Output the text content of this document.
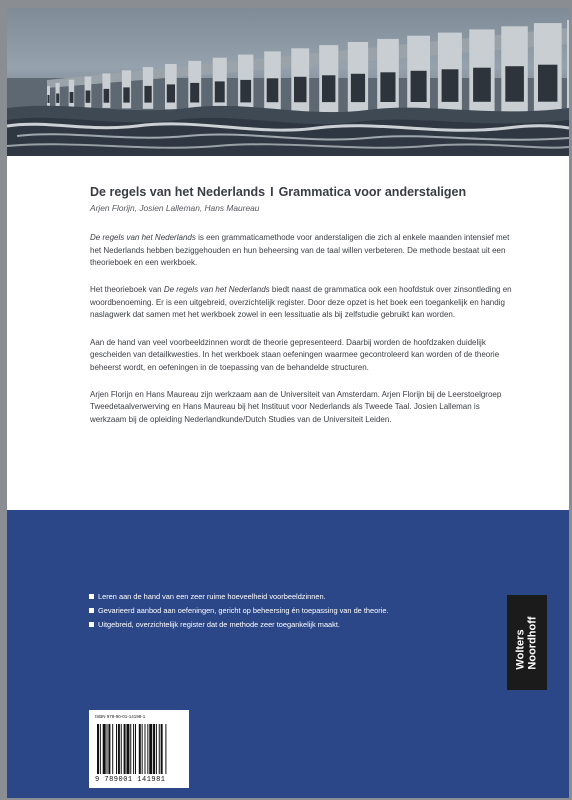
De regels van het Nederlands I Grammatica voor anderstaligen
Arjen Florijn, Josien Lalleman, Hans Maureau

De regels van het Nederlands is een grammaticamethode voor anderstaligen die zich al enkele maanden intensief met het Nederlands hebben beziggehouden en hun beheersing van de taal willen verbeteren. De methode bestaat uit een theorieboek en een werkboek.

Het theorieboek van De regels van het Nederlands biedt naast de grammatica ook een hoofdstuk over zinsontleding en woordbenoeming. Er is een uitgebreid, overzichtelijk register. Door deze opzet is het boek een toegankelijk en handig naslagwerk dat samen met het werkboek zowel in een lessituatie als bij zelfstudie gebruikt kan worden.

Aan de hand van veel voorbeeldzinnen wordt de theorie gepresenteerd. Daarbij worden de hoofdzaken duidelijk gescheiden van detailkwesties. In het werkboek staan oefeningen waarmee gecontroleerd kan worden of de theorie beheerst wordt, en oefeningen in de toepassing van de behandelde structuren.

Arjen Florijn en Hans Maureau zijn werkzaam aan de Universiteit van Amsterdam. Arjen Florijn bij de Leerstoelgroep Tweedetaalverwerving en Hans Maureau bij het Instituut voor Nederlands als Tweede Taal. Josien Lalleman is werkzaam bij de opleiding Nederlandkunde/Dutch Studies van de Universiteit Leiden.

Leren aan de hand van een zeer ruime hoeveelheid voorbeeldzinnen.
Gevarieerd aanbod aan oefeningen, gericht op beheersing én toepassing van de theorie.
Uitgebreid, overzichtelijk register dat de methode zeer toegankelijk maakt.
ISBN 978-90-01-14198-1
9 789001 141981
Wolters Noordhoff
